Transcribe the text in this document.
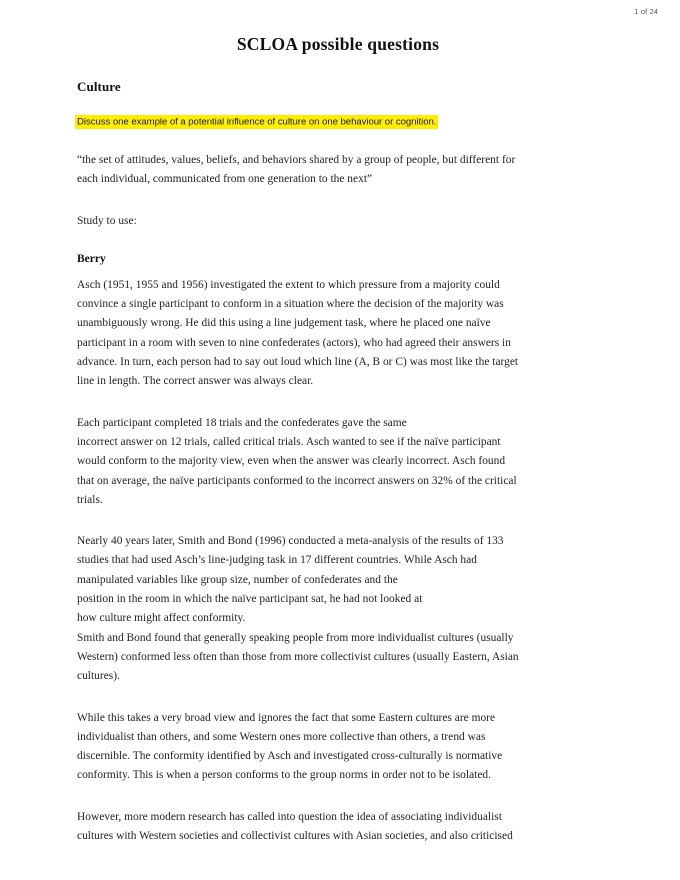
1 of 24
SCLOA possible questions
Culture
Discuss one example of a potential influence of culture on one behaviour or cognition.

“the set of attitudes, values, beliefs, and behaviors shared by a group of people, but different for
each individual, communicated from one generation to the next”

Study to use:

Berry

Asch (1951, 1955 and 1956) investigated the extent to which pressure from a majority could
convince a single participant to conform in a situation where the decision of the majority was
unambiguously wrong. He did this using a line judgement task, where he placed one naïve
participant in a room with seven to nine confederates (actors), who had agreed their answers in
advance. In turn, each person had to say out loud which line (A, B or C) was most like the target
line in length. The correct answer was always clear.

Each participant completed 18 trials and the confederates gave the same
incorrect answer on 12 trials, called critical trials. Asch wanted to see if the naïve participant
would conform to the majority view, even when the answer was clearly incorrect. Asch found
that on average, the naïve participants conformed to the incorrect answers on 32% of the critical
trials.

Nearly 40 years later, Smith and Bond (1996) conducted a meta-analysis of the results of 133
studies that had used Asch’s line-judging task in 17 different countries. While Asch had
manipulated variables like group size, number of confederates and the
position in the room in which the naïve participant sat, he had not looked at
how culture might affect conformity.
Smith and Bond found that generally speaking people from more individualist cultures (usually
Western) conformed less often than those from more collectivist cultures (usually Eastern, Asian
cultures).

While this takes a very broad view and ignores the fact that some Eastern cultures are more
individualist than others, and some Western ones more collective than others, a trend was
discernible. The conformity identified by Asch and investigated cross-culturally is normative
conformity. This is when a person conforms to the group norms in order not to be isolated.

However, more modern research has called into question the idea of associating individualist
cultures with Western societies and collectivist cultures with Asian societies, and also criticised
